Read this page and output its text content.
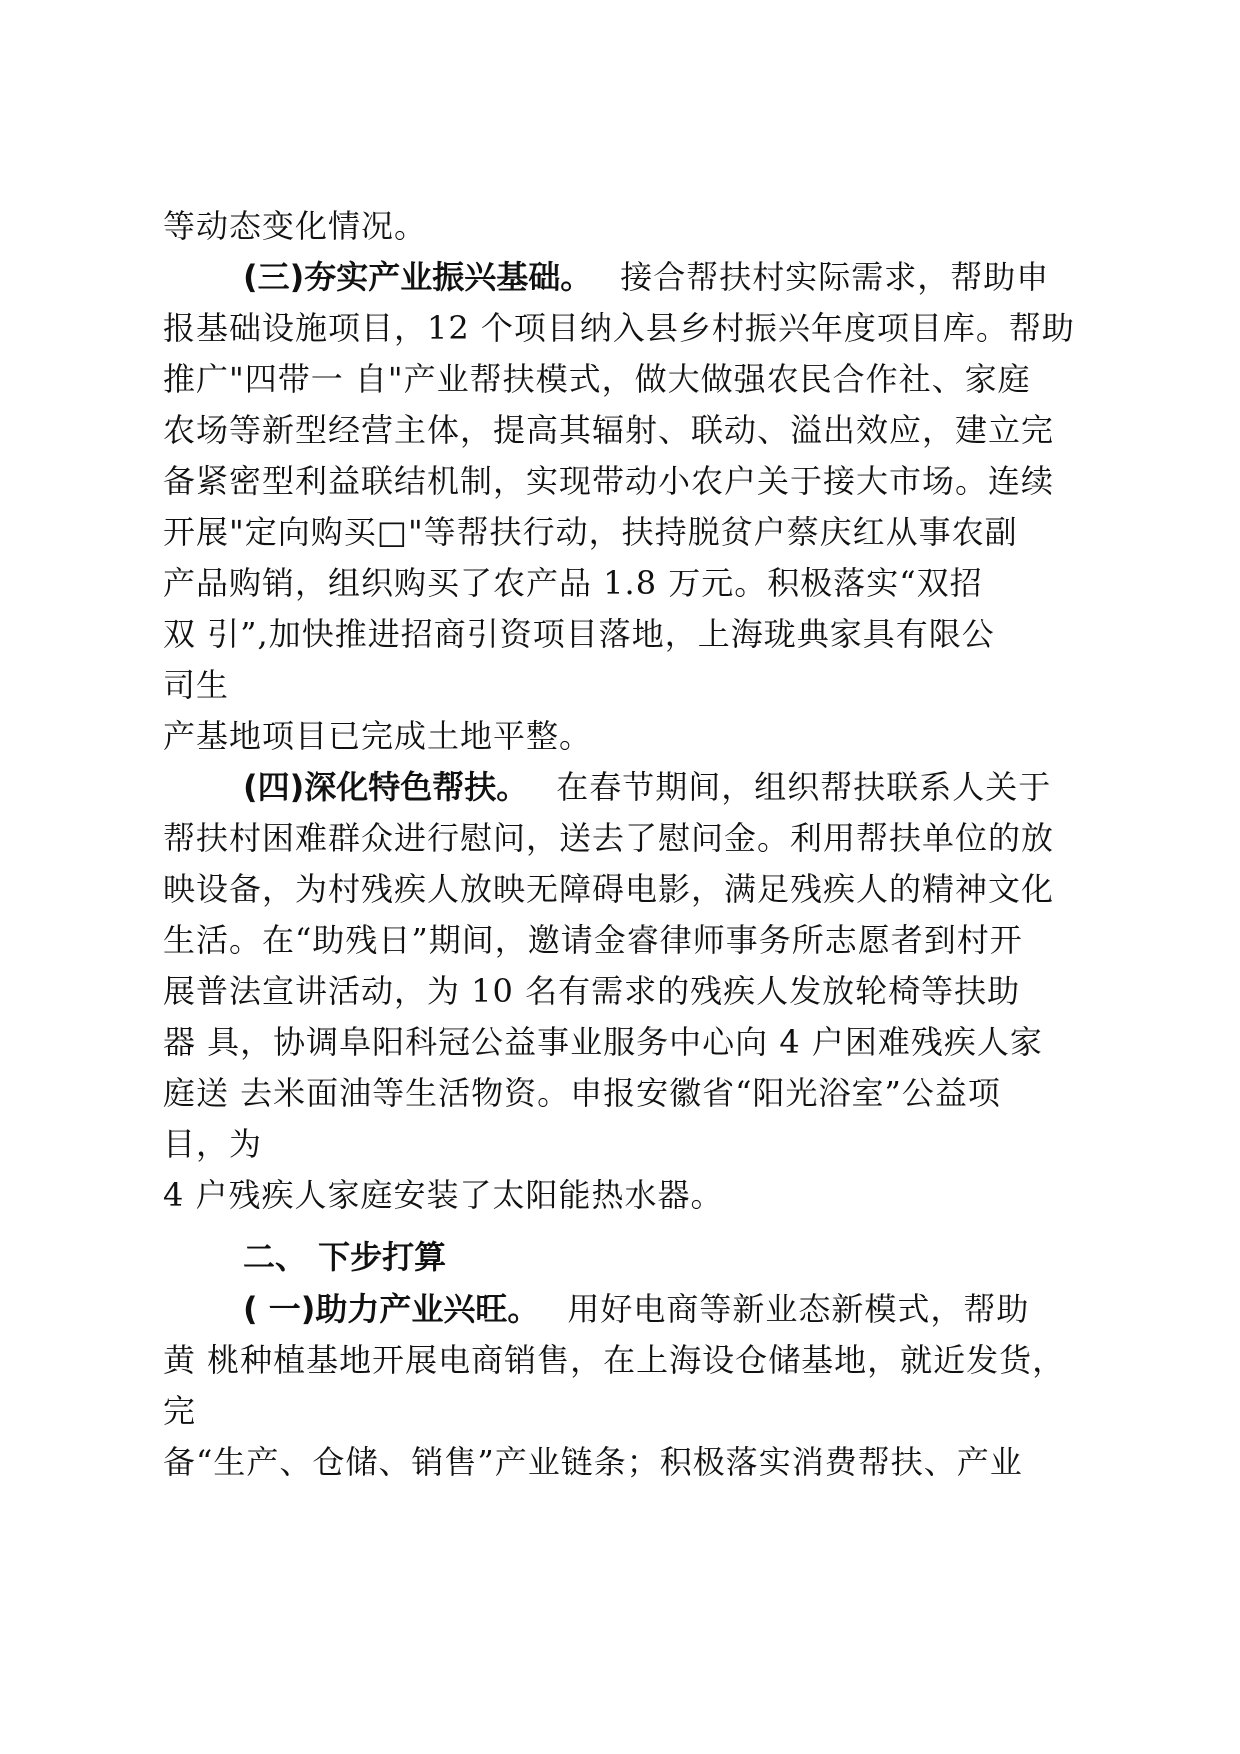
等动态变化情况。
(三)夯实产业振兴基础。 接合帮扶村实际需求，帮助申
报基础设施项目，12 个项目纳入县乡村振兴年度项目库。帮助
推广"四带一 自"产业帮扶模式，做大做强农民合作社、家庭
农场等新型经营主体，提高其辐射、联动、溢出效应，建立完
备紧密型利益联结机制，实现带动小农户关于接大市场。连续
开展"定向购买□"等帮扶行动，扶持脱贫户蔡庆红从事农副
产品购销，组织购买了农产品 1.8 万元。积极落实“双招
双 引”,加快推进招商引资项目落地，上海珑典家具有限公
司生
产基地项目已完成土地平整。
(四)深化特色帮扶。 在春节期间，组织帮扶联系人关于
帮扶村困难群众进行慰问，送去了慰问金。利用帮扶单位的放
映设备，为村残疾人放映无障碍电影，满足残疾人的精神文化
生活。在“助残日”期间，邀请金睿律师事务所志愿者到村开
展普法宣讲活动，为 10 名有需求的残疾人发放轮椅等扶助
器 具，协调阜阳科冠公益事业服务中心向 4 户困难残疾人家
庭送 去米面油等生活物资。申报安徽省“阳光浴室”公益项
目，为
4 户残疾人家庭安装了太阳能热水器。
二、 下步打算
( 一)助力产业兴旺。 用好电商等新业态新模式，帮助
黄 桃种植基地开展电商销售，在上海设仓储基地，就近发货，
完
备“生产、仓储、销售”产业链条；积极落实消费帮扶、产业
